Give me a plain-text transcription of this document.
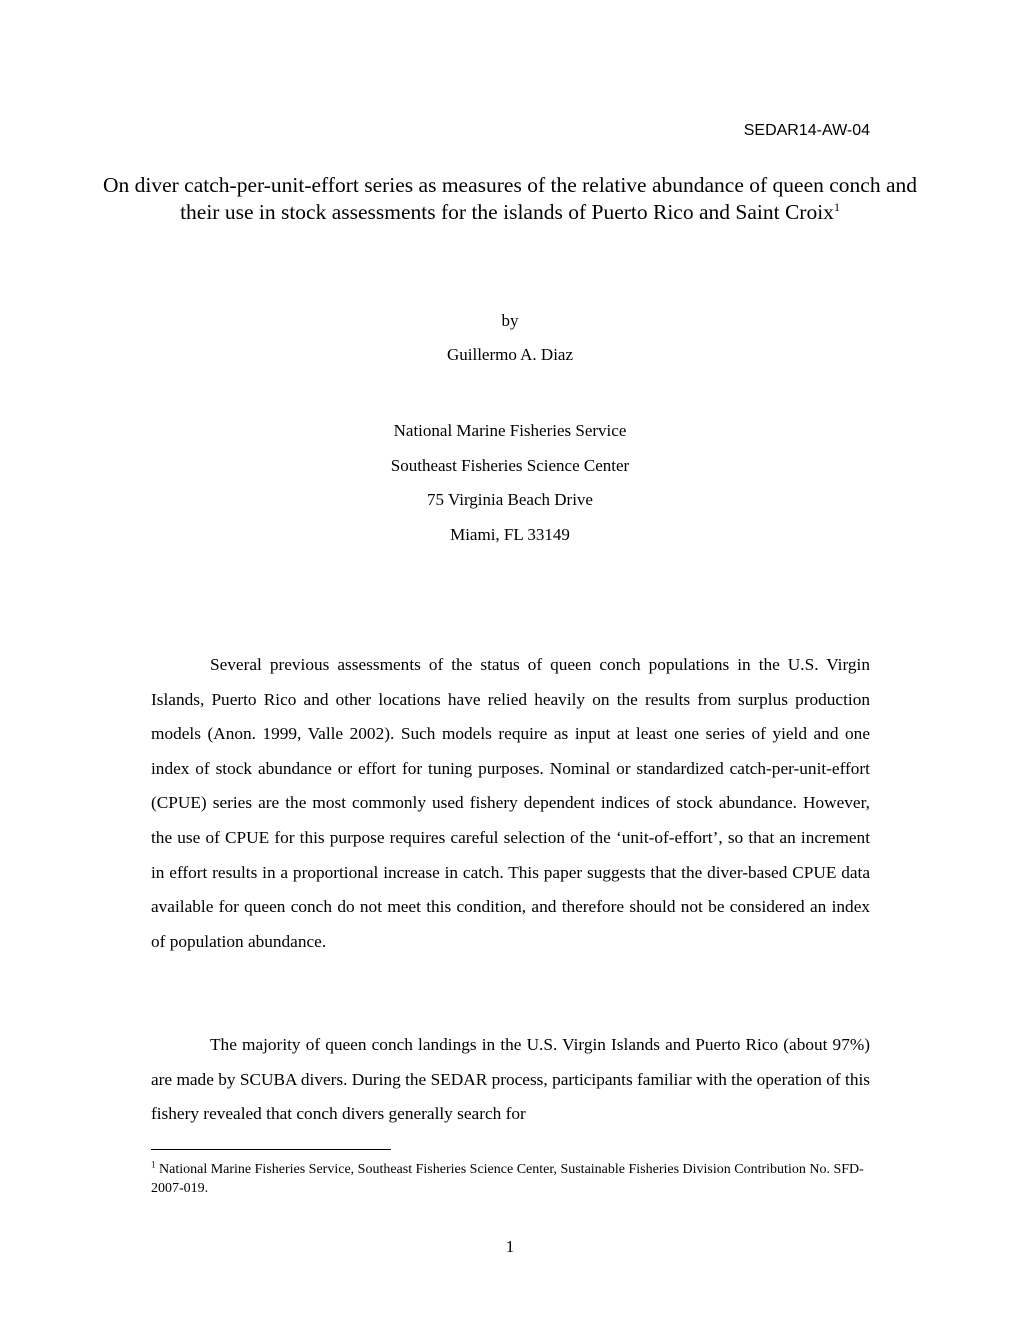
SEDAR14-AW-04
On diver catch-per-unit-effort series as measures of the relative abundance of queen conch and their use in stock assessments for the islands of Puerto Rico and Saint Croix$^1$
by
Guillermo A. Diaz
National Marine Fisheries Service
Southeast Fisheries Science Center
75 Virginia Beach Drive
Miami, FL 33149

Several previous assessments of the status of queen conch populations in the U.S. Virgin Islands, Puerto Rico and other locations have relied heavily on the results from surplus production models (Anon. 1999, Valle 2002). Such models require as input at least one series of yield and one index of stock abundance or effort for tuning purposes. Nominal or standardized catch-per-unit-effort (CPUE) series are the most commonly used fishery dependent indices of stock abundance. However, the use of CPUE for this purpose requires careful selection of the ‘unit-of-effort’, so that an increment in effort results in a proportional increase in catch. This paper suggests that the diver-based CPUE data available for queen conch do not meet this condition, and therefore should not be considered an index of population abundance.

The majority of queen conch landings in the U.S. Virgin Islands and Puerto Rico (about 97%) are made by SCUBA divers. During the SEDAR process, participants familiar with the operation of this fishery revealed that conch divers generally search for

$^1$ National Marine Fisheries Service, Southeast Fisheries Science Center, Sustainable Fisheries Division Contribution No. SFD-2007-019.
1
